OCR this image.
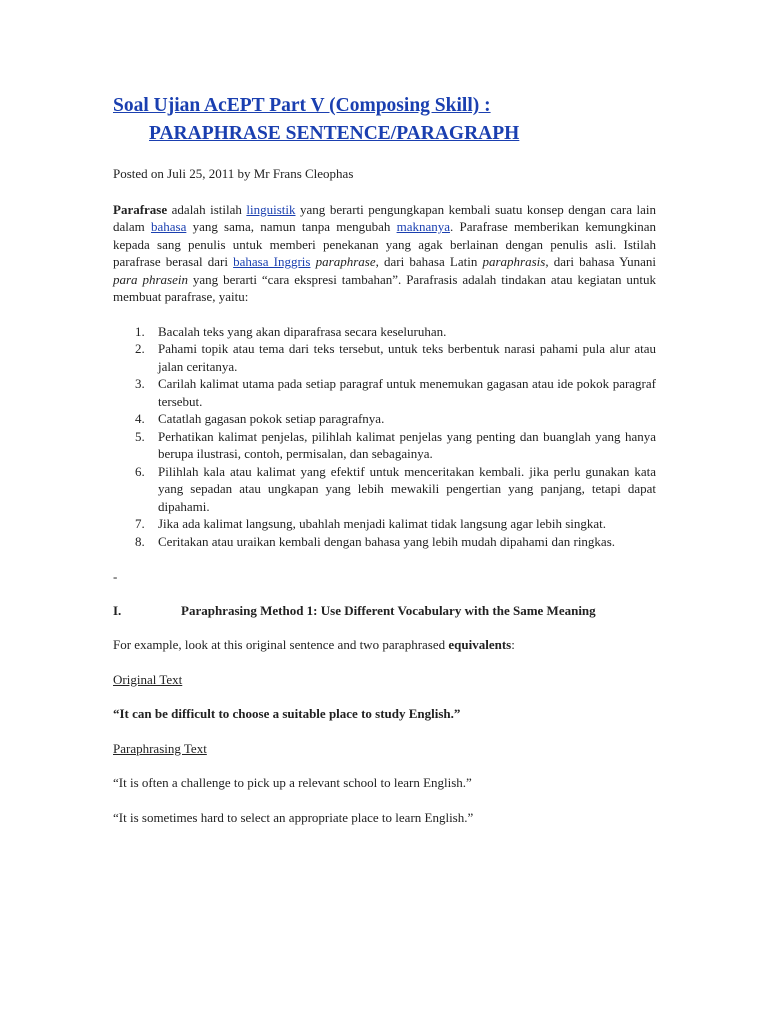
Soal Ujian AcEPT Part V (Composing Skill) :
PARAPHRASE SENTENCE/PARAGRAPH
Posted on Juli 25, 2011 by Mr Frans Cleophas

Parafrase adalah istilah linguistik yang berarti pengungkapan kembali suatu konsep dengan cara lain dalam bahasa yang sama, namun tanpa mengubah maknanya. Parafrase memberikan kemungkinan kepada sang penulis untuk memberi penekanan yang agak berlainan dengan penulis asli. Istilah parafrase berasal dari bahasa Inggris paraphrase, dari bahasa Latin paraphrasis, dari bahasa Yunani para phrasein yang berarti “cara ekspresi tambahan”. Parafrasis adalah tindakan atau kegiatan untuk membuat parafrase, yaitu:

1. Bacalah teks yang akan diparafrasa secara keseluruhan.
2. Pahami topik atau tema dari teks tersebut, untuk teks berbentuk narasi pahami pula alur atau jalan ceritanya.
3. Carilah kalimat utama pada setiap paragraf untuk menemukan gagasan atau ide pokok paragraf tersebut.
4. Catatlah gagasan pokok setiap paragrafnya.
5. Perhatikan kalimat penjelas, pilihlah kalimat penjelas yang penting dan buanglah yang hanya berupa ilustrasi, contoh, permisalan, dan sebagainya.
6. Pilihlah kala atau kalimat yang efektif untuk menceritakan kembali. jika perlu gunakan kata yang sepadan atau ungkapan yang lebih mewakili pengertian yang panjang, tetapi dapat dipahami.
7. Jika ada kalimat langsung, ubahlah menjadi kalimat tidak langsung agar lebih singkat.
8. Ceritakan atau uraikan kembali dengan bahasa yang lebih mudah dipahami dan ringkas.
-
I.	Paraphrasing Method 1: Use Different Vocabulary with the Same Meaning
For example, look at this original sentence and two paraphrased equivalents:
Original Text
“It can be difficult to choose a suitable place to study English.”
Paraphrasing Text
“It is often a challenge to pick up a relevant school to learn English.”
“It is sometimes hard to select an appropriate place to learn English.”
